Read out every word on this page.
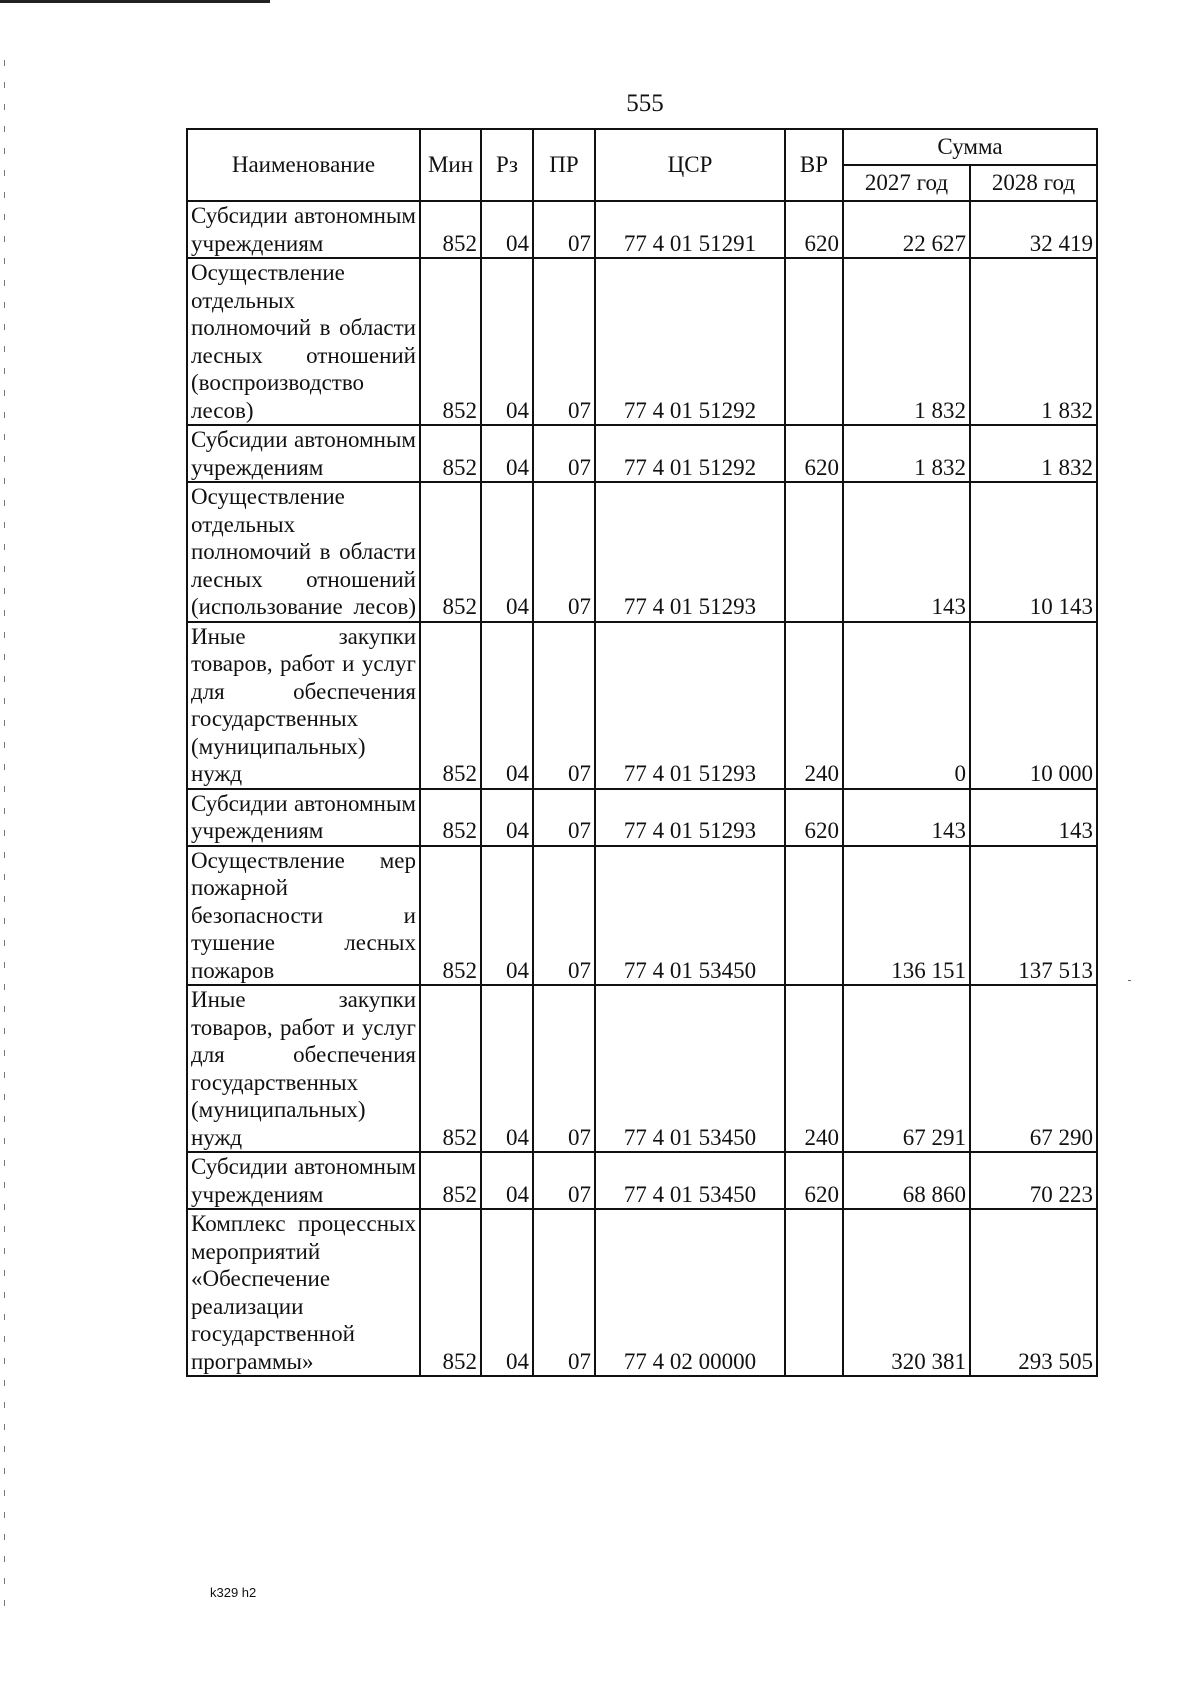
555
Наименование	Мин	Рз	ПР	ЦСР	ВР	Сумма	
						2027 год	2028 год
Субсидии автономным учреждениям	852	04	07	77 4 01 51291	620	22 627	32 419
Осуществление отдельных полномочий в области лесных отношений (воспроизводство лесов)	852	04	07	77 4 01 51292		1 832	1 832
Субсидии автономным учреждениям	852	04	07	77 4 01 51292	620	1 832	1 832
Осуществление отдельных полномочий в области лесных отношений (использование лесов)	852	04	07	77 4 01 51293		143	10 143
Иные закупки товаров, работ и услуг для обеспечения государственных (муниципальных) нужд	852	04	07	77 4 01 51293	240	0	10 000
Субсидии автономным учреждениям	852	04	07	77 4 01 51293	620	143	143
Осуществление мер пожарной безопасности и тушение лесных пожаров	852	04	07	77 4 01 53450		136 151	137 513
Иные закупки товаров, работ и услуг для обеспечения государственных (муниципальных) нужд	852	04	07	77 4 01 53450	240	67 291	67 290
Субсидии автономным учреждениям	852	04	07	77 4 01 53450	620	68 860	70 223
Комплекс процессных мероприятий «Обеспечение реализации государственной программы»	852	04	07	77 4 02 00000		320 381	293 505
k329 h2
